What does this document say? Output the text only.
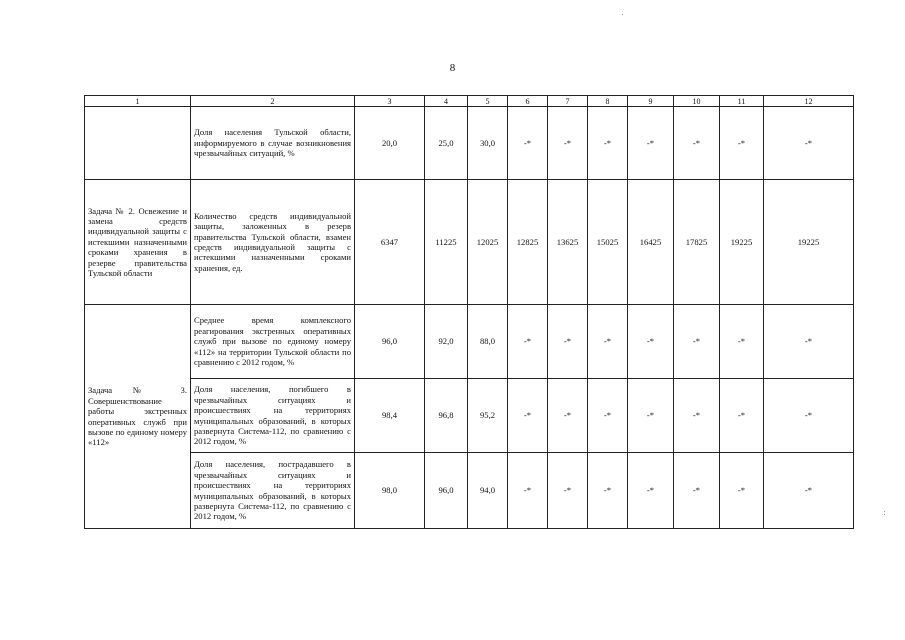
8
1	2	3	4	5	6	7	8	9	10	11	12
	Доля населения Тульской области, информируемого в случае возникновения чрезвычайных ситуаций, %	20,0	25,0	30,0	-*	-*	-*	-*	-*	-*	-*
Задача № 2. Освежение и замена средств индивидуальной защиты с истекшими назначенными сроками хранения в резерве правительства Тульской области	Количество средств индивидуальной защиты, заложенных в резерв правительства Тульской области, взамен средств индивидуальной защиты с истекшими назначенными сроками хранения, ед.	6347	11225	12025	12825	13625	15025	16425	17825	19225	19225
Задача № 3. Совершенствование работы экстренных оперативных служб при вызове по единому номеру «112»	Среднее время комплексного реагирования экстренных оперативных служб при вызове по единому номеру «112» на территории Тульской области по сравнению с 2012 годом, %	96,0	92,0	88,0	-*	-*	-*	-*	-*	-*	-*
	Доля населения, погибшего в чрезвычайных ситуациях и происшествиях на территориях муниципальных образований, в которых развернута Система-112, по сравнению с 2012 годом, %	98,4	96,8	95,2	-*	-*	-*	-*	-*	-*	-*
	Доля населения, пострадавшего в чрезвычайных ситуациях и происшествиях на территориях муниципальных образований, в которых развернута Система-112, по сравнению с 2012 годом, %	98,0	96,0	94,0	-*	-*	-*	-*	-*	-*	-*
